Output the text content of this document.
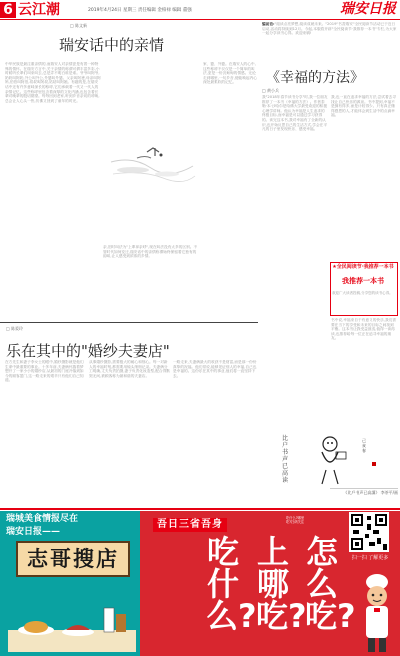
6 云江潮	2019年4月24日 星期三 责任编辑 金柏禄 编辑 董强	瑞安日报
□ 陈文新
瑞安话中的亲情
中华民族是最注重亲情的,而瑞安人对亲情更是有着一种特殊的情怀。在瑞安方言中,关于亲情的称谓可谓丰富多彩,小时候听长辈们叫来叫去,总是弄不明白谁是谁。爷爷叫阿爷,奶奶叫阿奶,外公叫外公,外婆叫外婆。父亲叫阿爸,母亲叫阿妈,伯伯叫阿伯,叔叔叫阿叔,姑姑叫阿娘。有趣的是,在瑞安话中还有许多意味深长的称呼,它们承载着一代又一代人的亲情记忆。这些称呼里包含着深厚的文化内涵,也包含着长辈对晚辈的殷切期望。每每回到老家,听到乡音亲切的呼唤,总会让人心头一热,仿佛又回到了童年的时光。
亲,旧时叫法为"上辈拿亲呼",现在叫法没有太多的区别。不管时代如何变迁,瑞安话中的亲情称谓始终保留着它独有的韵味,让人感受到浓浓的乡情。
家、婆、外婆。在瑞安人的心中,这些称呼不仅仅是一个简单的叫法,更是一份沉甸甸的情感。无论走到哪里,一句乡音,便能唤起内心深处最柔软的记忆。
□ 陈爱玲
乐在其中的"婚纱夫妻店"
在方先生和妻子李女士的眼中,婚纱摄影就是他们生命中最重要的事业。十多年前,夫妻俩怀揣着梦想开了一家小小的婚纱店,从最初的门庭冷落到如今的顾客盈门,这一路走来的艰辛只有他们自己知道。
从事婚纱摄影,需要极大的耐心和细心。每一对新人的幸福时刻,都需要用镜头细细记录。夫妻俩分工明确,丈夫负责拍摄,妻子负责化妆造型,配合得默契无间,被顾客称为最和谐的夫妻店。
一路走来,夫妻俩最大的收获不是财富,而是那一份份真挚的祝福。他们常说,能够见证别人的幸福,自己也是幸福的。这份乐在其中的事业,他们将一直坚持下去。
编前语:"阅读点亮梦想,阅读成就未来。"2019"书香瑞安"全民阅读节活动已于近日启动,活动将持续到12月。今起,本版将开辟"全民阅读节·我推荐一本书"专栏,为大家一起分享读书心得。欢迎来稿!
《幸福的方法》
□ 黄小兵
我"2018年春节读书分享"时,我一位朋友推荐了一本书《幸福的方法》。作者泰勒·本·沙哈尔是哈佛大学最受欢迎的积极心理学讲师。他认为幸福是人生追求的终极目标,而幸福是可以通过学习获得的。读完这本书,我对幸福有了全新的认识,也开始反思自己的生活方式,学会在平凡的日子里发现快乐、感受幸福。
我,也一直在追求幸福的方法,尝试着去寻找让自己快乐的源泉。书中提到,幸福不是拥有得多,而是计较得少。只有真正懂得感恩的人,才能体会到生活中的点滴幸福。
★全民阅读节·我推荐一本书
我推荐一本书
欢迎广大读者投稿,分享您的读书心得。
书中说,幸福来自于有意义的快乐,我们需要在当下的享受和未来的目标之间找到平衡。这本书让我受益匪浅,值得一读再读,也推荐给每一位正在追寻幸福的朋友。
比户书声已高读
己亥春
《比戶书声已高讀》 李茶平/画
瑞城美食情报尽在
瑞安日报——
志哥搜店
吾日三省吾身
吃什么?哪里吃?扫码关注
扫一扫 了解更多
怎么吃?
上哪吃?
吃什么?
